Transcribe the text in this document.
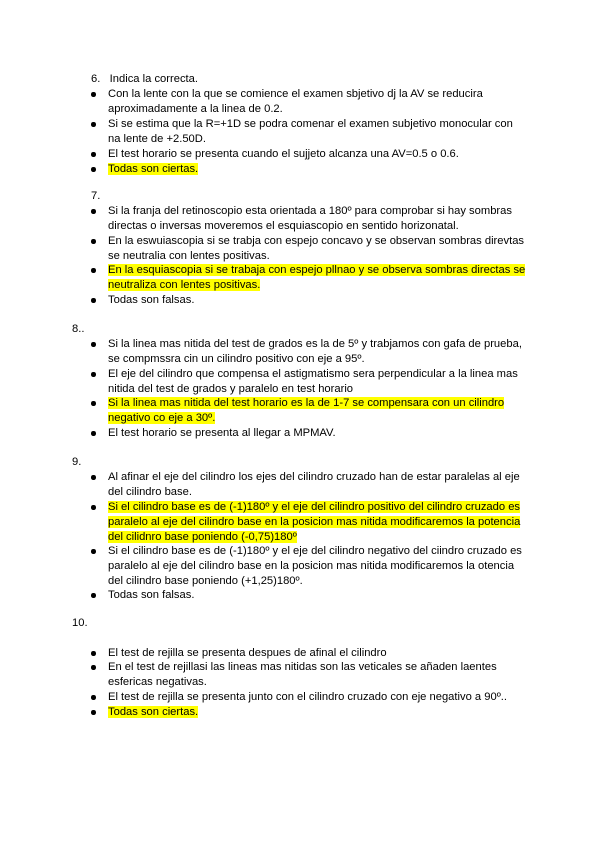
6. Indica la correcta.
Con la lente con la que se comience el examen sbjetivo dj la AV se reducira aproximadamente a la linea de 0.2.
Si se estima que la R=+1D se podra comenar el examen subjetivo monocular con na lente de +2.50D.
El test horario se presenta cuando el sujjeto alcanza una AV=0.5 o 0.6.
Todas son ciertas.
7.
Si la franja del retinoscopio esta orientada a 180º para comprobar si hay sombras directas o inversas moveremos el esquiascopio en sentido horizonatal.
En la eswuiascopia si se trabja con espejo concavo y se observan sombras direvtas se neutralia con lentes positivas.
En la esquiascopia si se trabaja con espejo pllnao y se observa sombras directas se neutraliza con lentes positivas.
Todas son falsas.
8..
Si la linea mas nitida del test de grados es la de 5º y trabjamos con gafa de prueba, se compmssra cin un cilindro positivo con eje a 95º.
El eje del cilindro que compensa el astigmatismo sera perpendicular a la linea mas nitida del test de grados y paralelo en test horario
Si la linea mas nitida del test horario es la de 1-7 se compensara con un cilindro negativo co eje a 30º.
El test horario se presenta al llegar a MPMAV.
9.
Al afinar el eje del cilindro los ejes del cilindro cruzado han de estar paralelas al eje del cilindro base.
Si el cilindro base es de (-1)180º y el eje del cilindro positivo del cilindro cruzado es paralelo al eje del cilindro base en la posicion mas nitida modificaremos la potencia del cilidnro base poniendo (-0,75)180º
Si el cilindro base es de (-1)180º y el eje del cilindro negativo del ciindro cruzado es paralelo al eje del cilindro base en la posicion mas nitida modificaremos la otencia del cilindro base poniendo (+1,25)180º.
Todas son falsas.
10.
El test de rejilla se presenta despues de afinal el cilindro
En el test de rejillasi las lineas mas nitidas son las veticales se añaden laentes esfericas negativas.
El test de rejilla se presenta junto con el cilindro cruzado con eje negativo a 90º..
Todas son ciertas.
